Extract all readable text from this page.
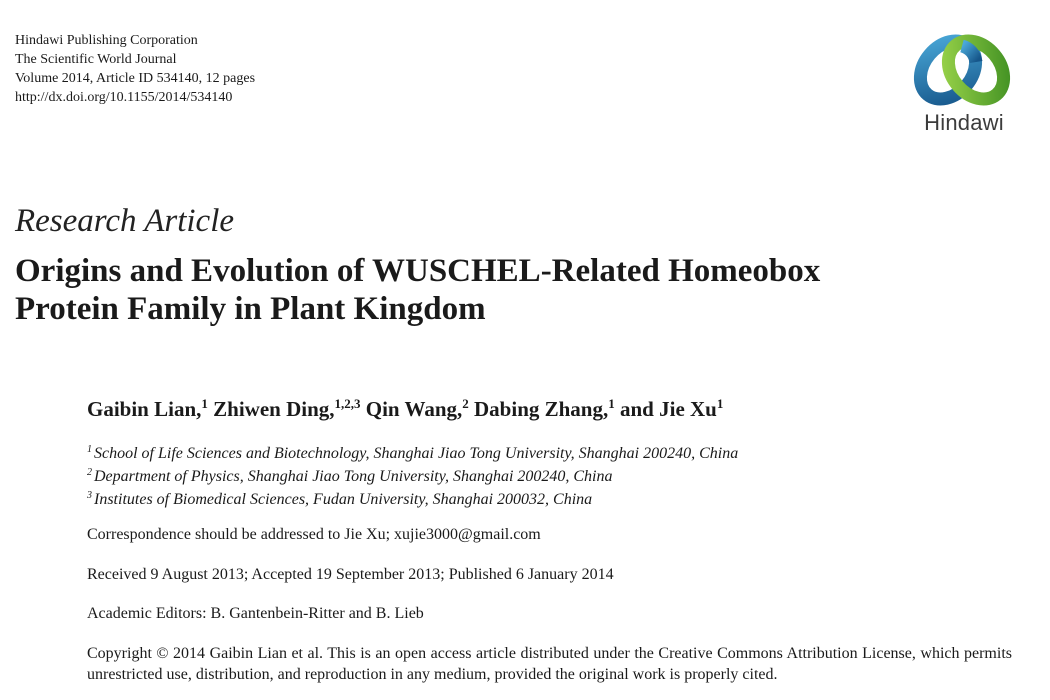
Hindawi Publishing Corporation
The Scientific World Journal
Volume 2014, Article ID 534140, 12 pages
http://dx.doi.org/10.1155/2014/534140
Hindawi
Research Article
Origins and Evolution of WUSCHEL-Related Homeobox
Protein Family in Plant Kingdom
Gaibin Lian,$^1$ Zhiwen Ding,$^{1,2,3}$ Qin Wang,$^2$ Dabing Zhang,$^1$ and Jie Xu$^1$
$^1$ School of Life Sciences and Biotechnology, Shanghai Jiao Tong University, Shanghai 200240, China
$^2$ Department of Physics, Shanghai Jiao Tong University, Shanghai 200240, China
$^3$ Institutes of Biomedical Sciences, Fudan University, Shanghai 200032, China
Correspondence should be addressed to Jie Xu; xujie3000@gmail.com
Received 9 August 2013; Accepted 19 September 2013; Published 6 January 2014
Academic Editors: B. Gantenbein-Ritter and B. Lieb
Copyright © 2014 Gaibin Lian et al. This is an open access article distributed under the Creative Commons Attribution License, which permits unrestricted use, distribution, and reproduction in any medium, provided the original work is properly cited.
